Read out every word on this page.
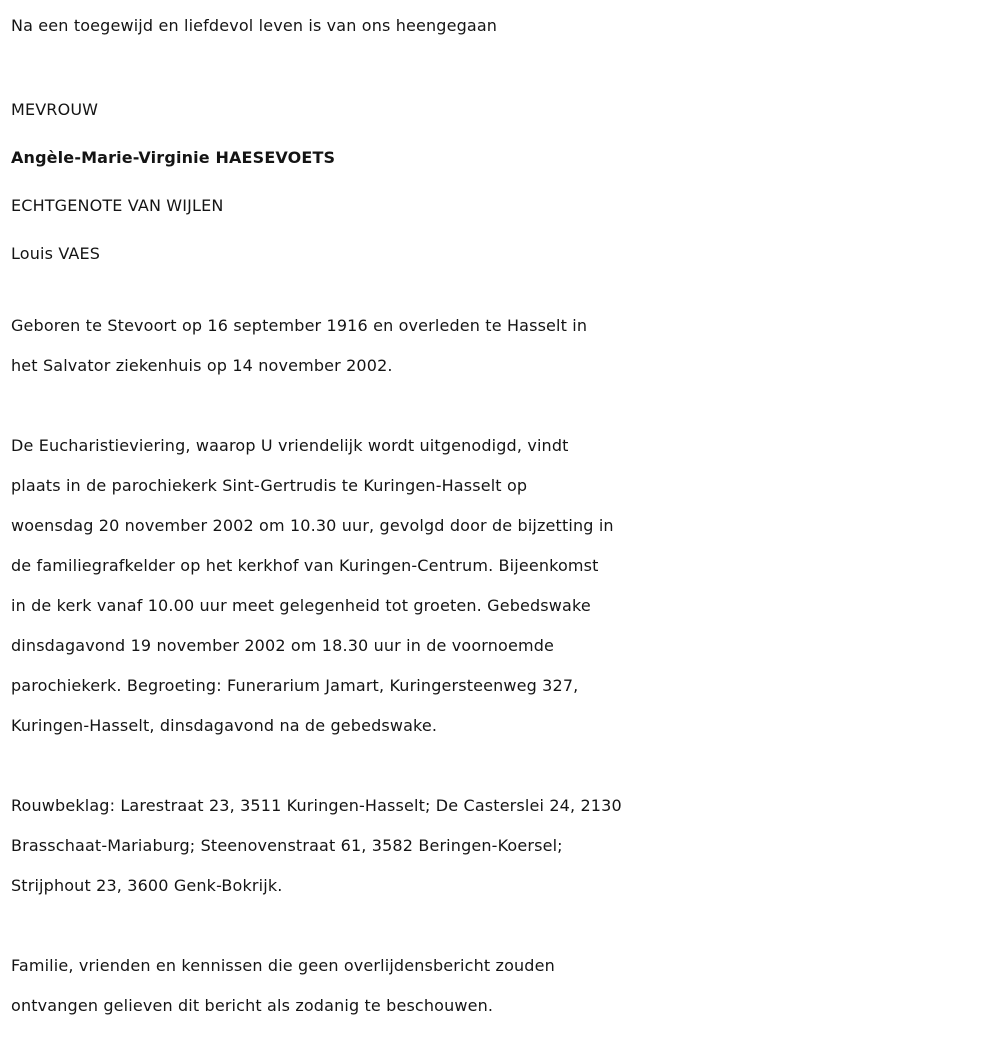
Na een toegewijd en liefdevol leven is van ons heengegaan
MEVROUW
Angèle-Marie-Virginie HAESEVOETS
ECHTGENOTE VAN WIJLEN
Louis VAES
Geboren te Stevoort op 16 september 1916 en overleden te Hasselt in
het Salvator ziekenhuis op 14 november 2002.
De Eucharistieviering, waarop U vriendelijk wordt uitgenodigd, vindt
plaats in de parochiekerk Sint-Gertrudis te Kuringen-Hasselt op
woensdag 20 november 2002 om 10.30 uur, gevolgd door de bijzetting in
de familiegrafkelder op het kerkhof van Kuringen-Centrum. Bijeenkomst
in de kerk vanaf 10.00 uur meet gelegenheid tot groeten. Gebedswake
dinsdagavond 19 november 2002 om 18.30 uur in de voornoemde
parochiekerk. Begroeting: Funerarium Jamart, Kuringersteenweg 327,
Kuringen-Hasselt, dinsdagavond na de gebedswake.
Rouwbeklag: Larestraat 23, 3511 Kuringen-Hasselt; De Casterslei 24, 2130
Brasschaat-Mariaburg; Steenovenstraat 61, 3582 Beringen-Koersel;
Strijphout 23, 3600 Genk-Bokrijk.
Familie, vrienden en kennissen die geen overlijdensbericht zouden
ontvangen gelieven dit bericht als zodanig te beschouwen.
